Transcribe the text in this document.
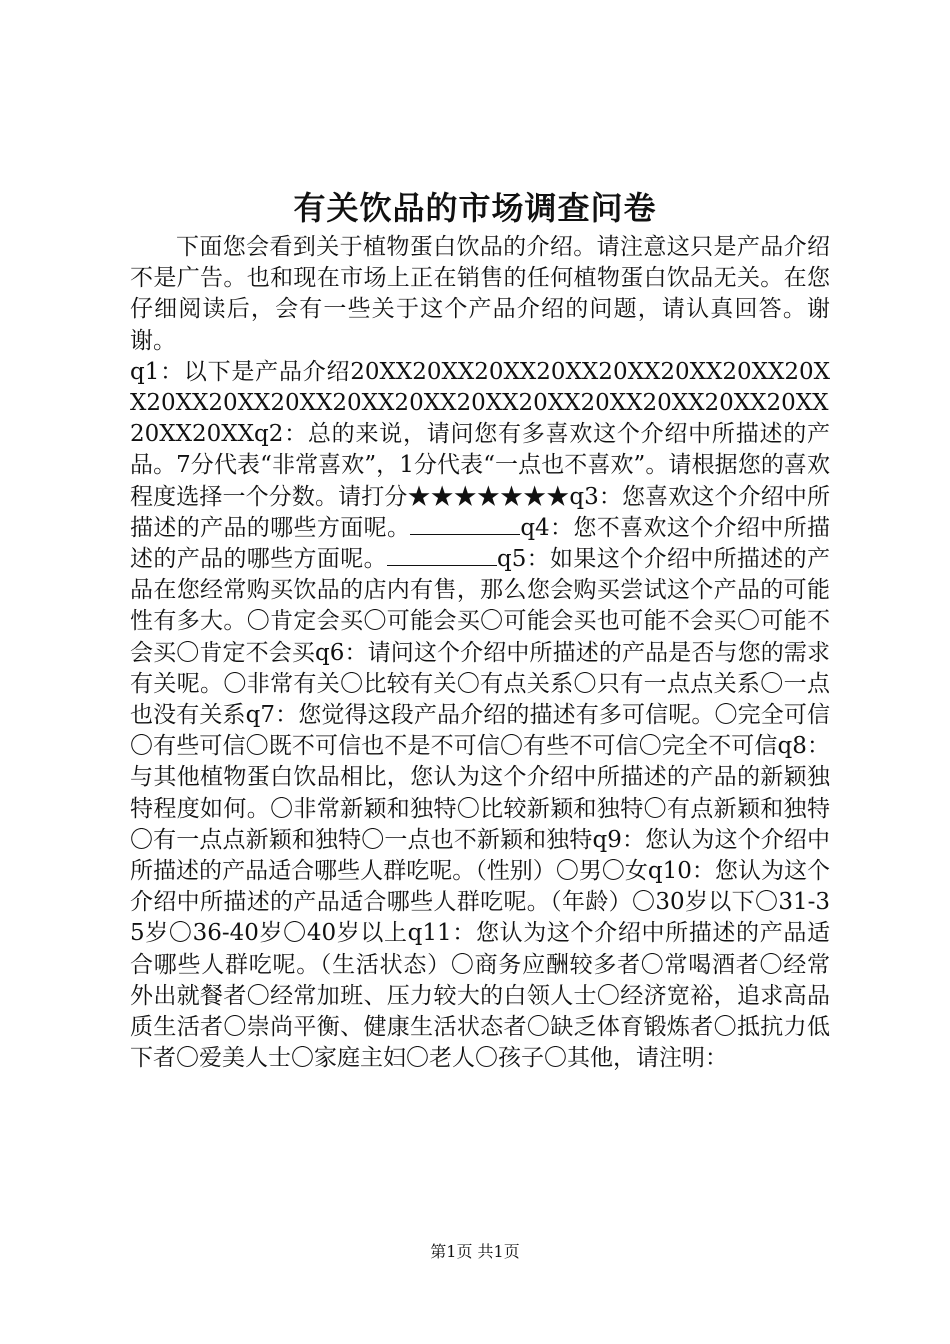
有关饮品的市场调查问卷

下面您会看到关于植物蛋白饮品的介绍。请注意这只是产品介绍不是广告。也和现在市场上正在销售的任何植物蛋白饮品无关。在您仔细阅读后，会有一些关于这个产品介绍的问题，请认真回答。谢谢。

q1：以下是产品介绍20XX20XX20XX20XX20XX20XX20XX20XX20XX20XX20XX20XX20XX20XX20XX20XX20XX20XX20XX20XX20XXq2：总的来说，请问您有多喜欢这个介绍中所描述的产品。7分代表“非常喜欢”，1分代表“一点也不喜欢”。请根据您的喜欢程度选择一个分数。请打分★★★★★★★q3：您喜欢这个介绍中所描述的产品的哪些方面呢。	q4：您不喜欢这个介绍中所描述的产品的哪些方面呢。	q5：如果这个介绍中所描述的产品在您经常购买饮品的店内有售，那么您会购买尝试这个产品的可能性有多大。〇肯定会买〇可能会买〇可能会买也可能不会买〇可能不会买〇肯定不会买q6：请问这个介绍中所描述的产品是否与您的需求有关呢。〇非常有关〇比较有关〇有点关系〇只有一点点关系〇一点也没有关系q7：您觉得这段产品介绍的描述有多可信呢。〇完全可信〇有些可信〇既不可信也不是不可信〇有些不可信〇完全不可信q8：与其他植物蛋白饮品相比，您认为这个介绍中所描述的产品的新颖独特程度如何。〇非常新颖和独特〇比较新颖和独特〇有点新颖和独特〇有一点点新颖和独特〇一点也不新颖和独特q9：您认为这个介绍中所描述的产品适合哪些人群吃呢。（性别）〇男〇女q10：您认为这个介绍中所描述的产品适合哪些人群吃呢。（年龄）〇30岁以下〇31-35岁〇36-40岁〇40岁以上q11：您认为这个介绍中所描述的产品适合哪些人群吃呢。（生活状态）〇商务应酬较多者〇常喝酒者〇经常外出就餐者〇经常加班、压力较大的白领人士〇经济宽裕，追求高品质生活者〇崇尚平衡、健康生活状态者〇缺乏体育锻炼者〇抵抗力低下者〇爱美人士〇家庭主妇〇老人〇孩子〇其他，请注明：

第1页 共1页
